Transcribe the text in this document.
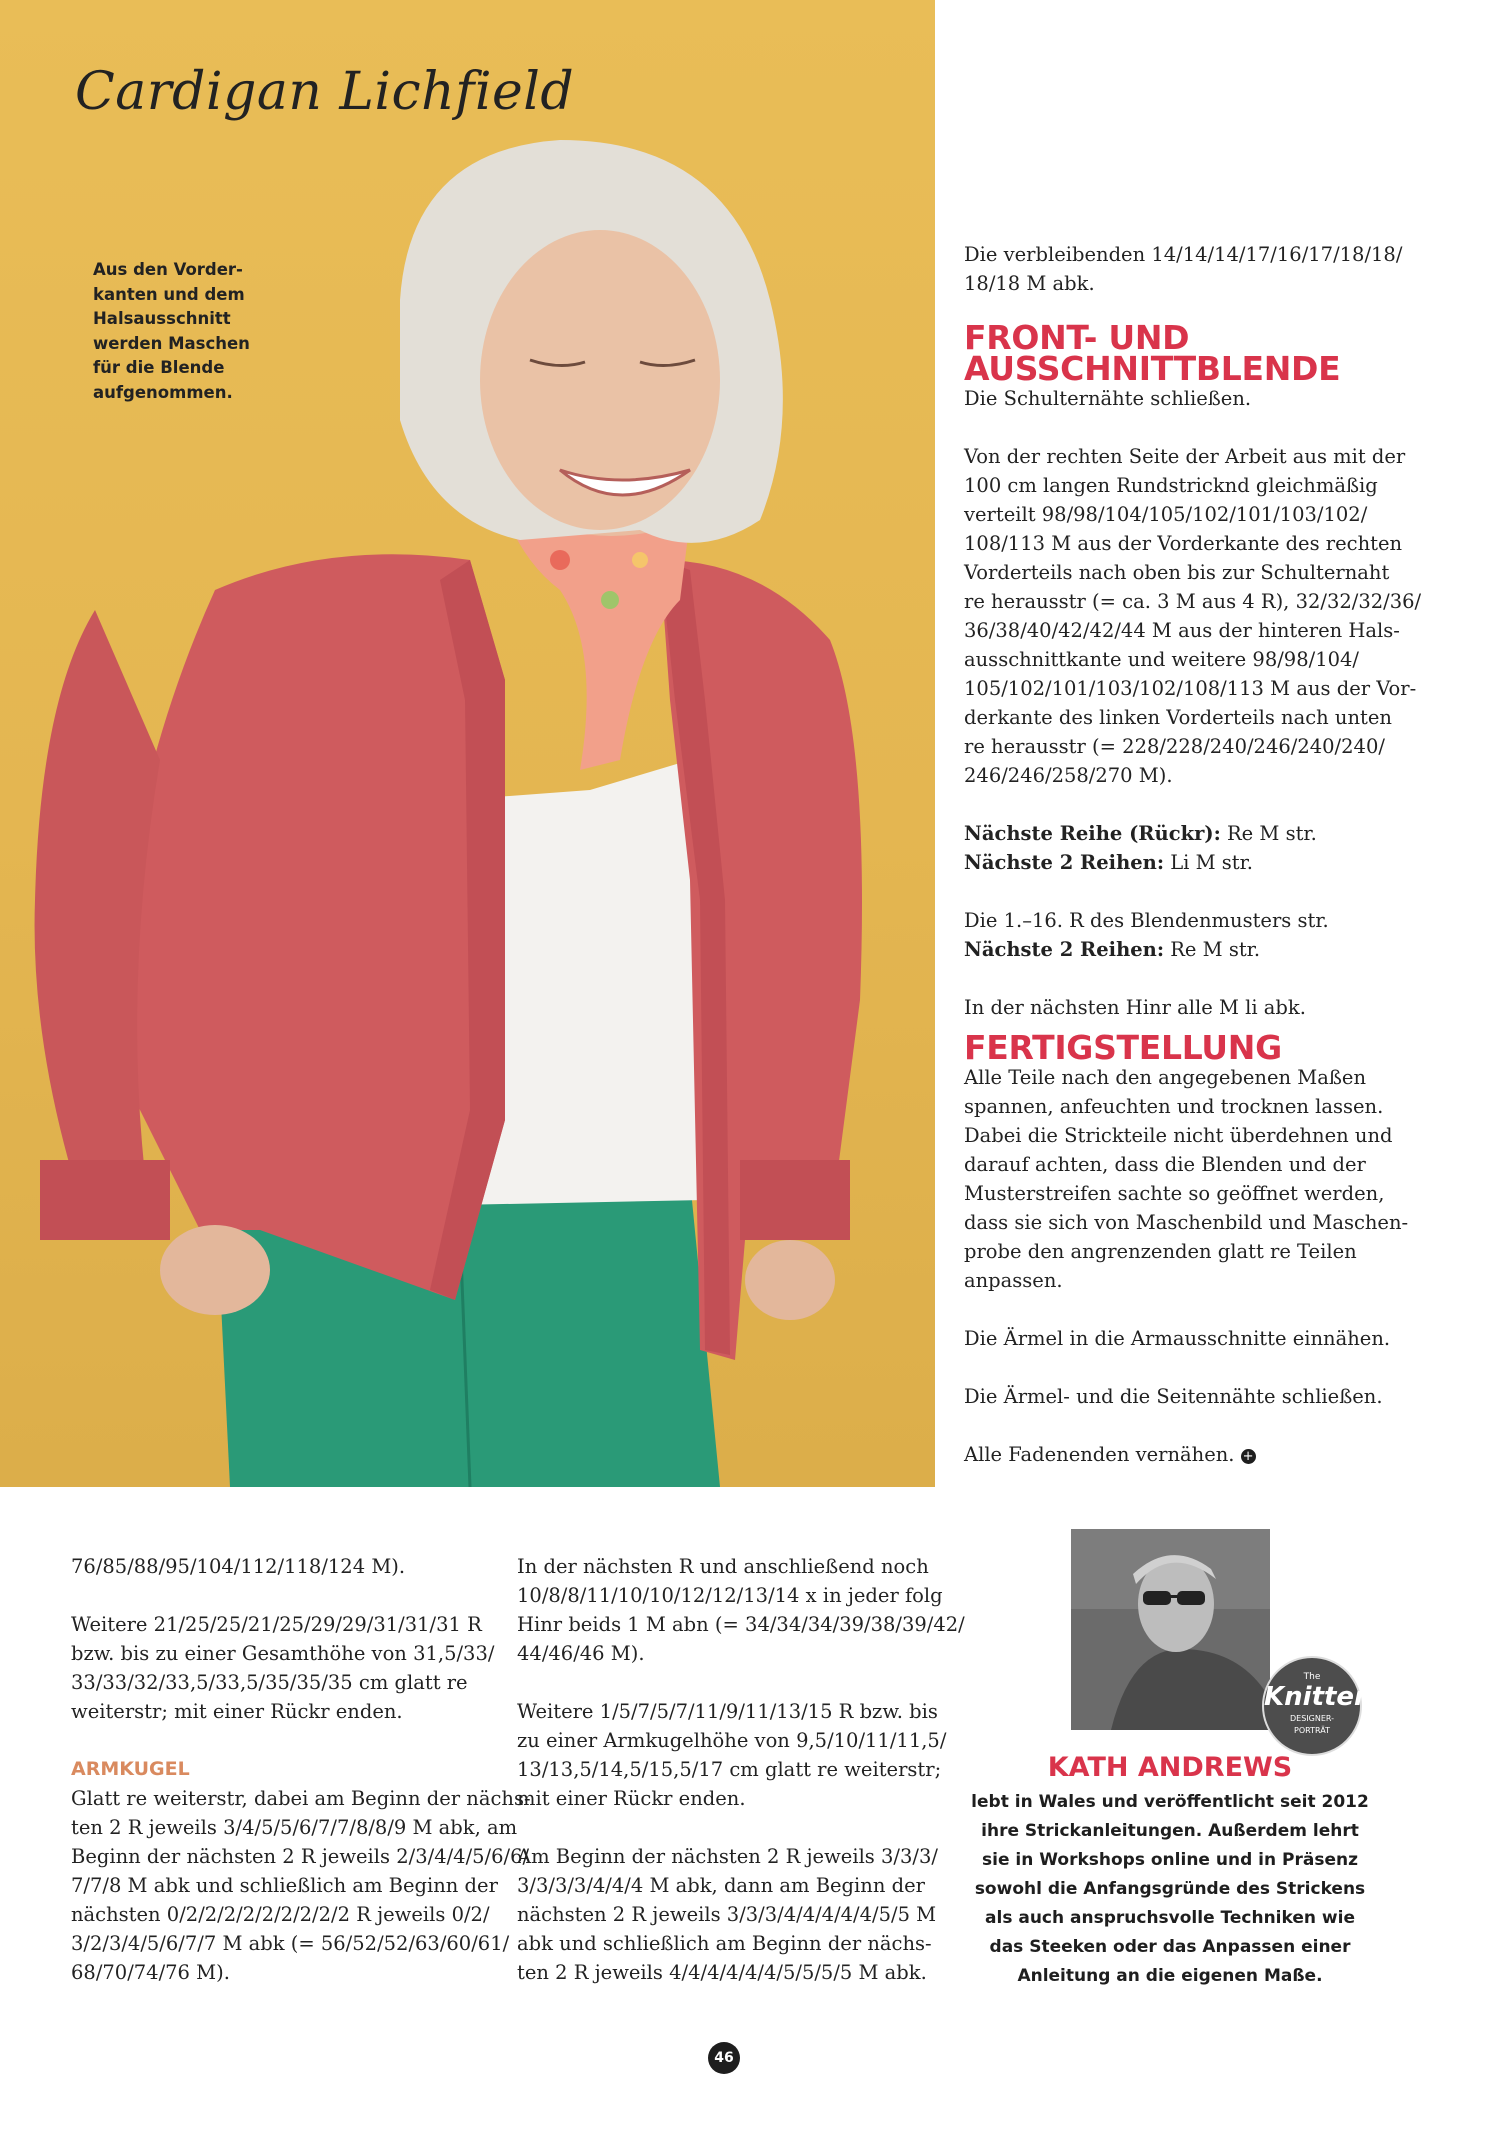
Cardigan Lichfield
Aus den Vorder-
kanten und dem
Halsausschnitt
werden Maschen
für die Blende
aufgenommen.
Die verbleibenden 14/14/14/17/16/17/18/18/
18/18 M abk.
FRONT- UND
AUSSCHNITTBLENDE
Die Schulternähte schließen.
Von der rechten Seite der Arbeit aus mit der
100 cm langen Rundstricknd gleichmäßig
verteilt 98/98/104/105/102/101/103/102/
108/113 M aus der Vorderkante des rechten
Vorderteils nach oben bis zur Schulternaht
re herausstr (= ca. 3 M aus 4 R), 32/32/32/36/
36/38/40/42/42/44 M aus der hinteren Hals-
ausschnittkante und weitere 98/98/104/
105/102/101/103/102/108/113 M aus der Vor-
derkante des linken Vorderteils nach unten
re herausstr (= 228/228/240/246/240/240/
246/246/258/270 M).
Nächste Reihe (Rückr): Re M str.
Nächste 2 Reihen: Li M str.
Die 1.–16. R des Blendenmusters str.
Nächste 2 Reihen: Re M str.
In der nächsten Hinr alle M li abk.
FERTIGSTELLUNG
Alle Teile nach den angegebenen Maßen
spannen, anfeuchten und trocknen lassen.
Dabei die Strickteile nicht überdehnen und
darauf achten, dass die Blenden und der
Musterstreifen sachte so geöffnet werden,
dass sie sich von Maschenbild und Maschen-
probe den angrenzenden glatt re Teilen
anpassen.
Die Ärmel in die Armausschnitte einnähen.
Die Ärmel- und die Seitennähte schließen.
Alle Fadenenden vernähen. +
76/85/88/95/104/112/118/124 M).
Weitere 21/25/25/21/25/29/29/31/31/31 R
bzw. bis zu einer Gesamthöhe von 31,5/33/
33/33/32/33,5/33,5/35/35/35 cm glatt re
weiterstr; mit einer Rückr enden.
ARMKUGEL
Glatt re weiterstr, dabei am Beginn der nächs-
ten 2 R jeweils 3/4/5/5/6/7/7/8/8/9 M abk, am
Beginn der nächsten 2 R jeweils 2/3/4/4/5/6/6/
7/7/8 M abk und schließlich am Beginn der
nächsten 0/2/2/2/2/2/2/2/2/2 R jeweils 0/2/
3/2/3/4/5/6/7/7 M abk (= 56/52/52/63/60/61/
68/70/74/76 M).
In der nächsten R und anschließend noch
10/8/8/11/10/10/12/12/13/14 x in jeder folg
Hinr beids 1 M abn (= 34/34/34/39/38/39/42/
44/46/46 M).
Weitere 1/5/7/5/7/11/9/11/13/15 R bzw. bis
zu einer Armkugelhöhe von 9,5/10/11/11,5/
13/13,5/14,5/15,5/17 cm glatt re weiterstr;
mit einer Rückr enden.
Am Beginn der nächsten 2 R jeweils 3/3/3/
3/3/3/3/4/4/4 M abk, dann am Beginn der
nächsten 2 R jeweils 3/3/3/4/4/4/4/4/5/5 M
abk und schließlich am Beginn der nächs-
ten 2 R jeweils 4/4/4/4/4/4/5/5/5/5 M abk.
The
Knitter
DESIGNER-
PORTRÄT
KATH ANDREWS
lebt in Wales und veröffentlicht seit 2012
ihre Strickanleitungen. Außerdem lehrt
sie in Workshops online und in Präsenz
sowohl die Anfangsgründe des Strickens
als auch anspruchsvolle Techniken wie
das Steeken oder das Anpassen einer
Anleitung an die eigenen Maße.
46
